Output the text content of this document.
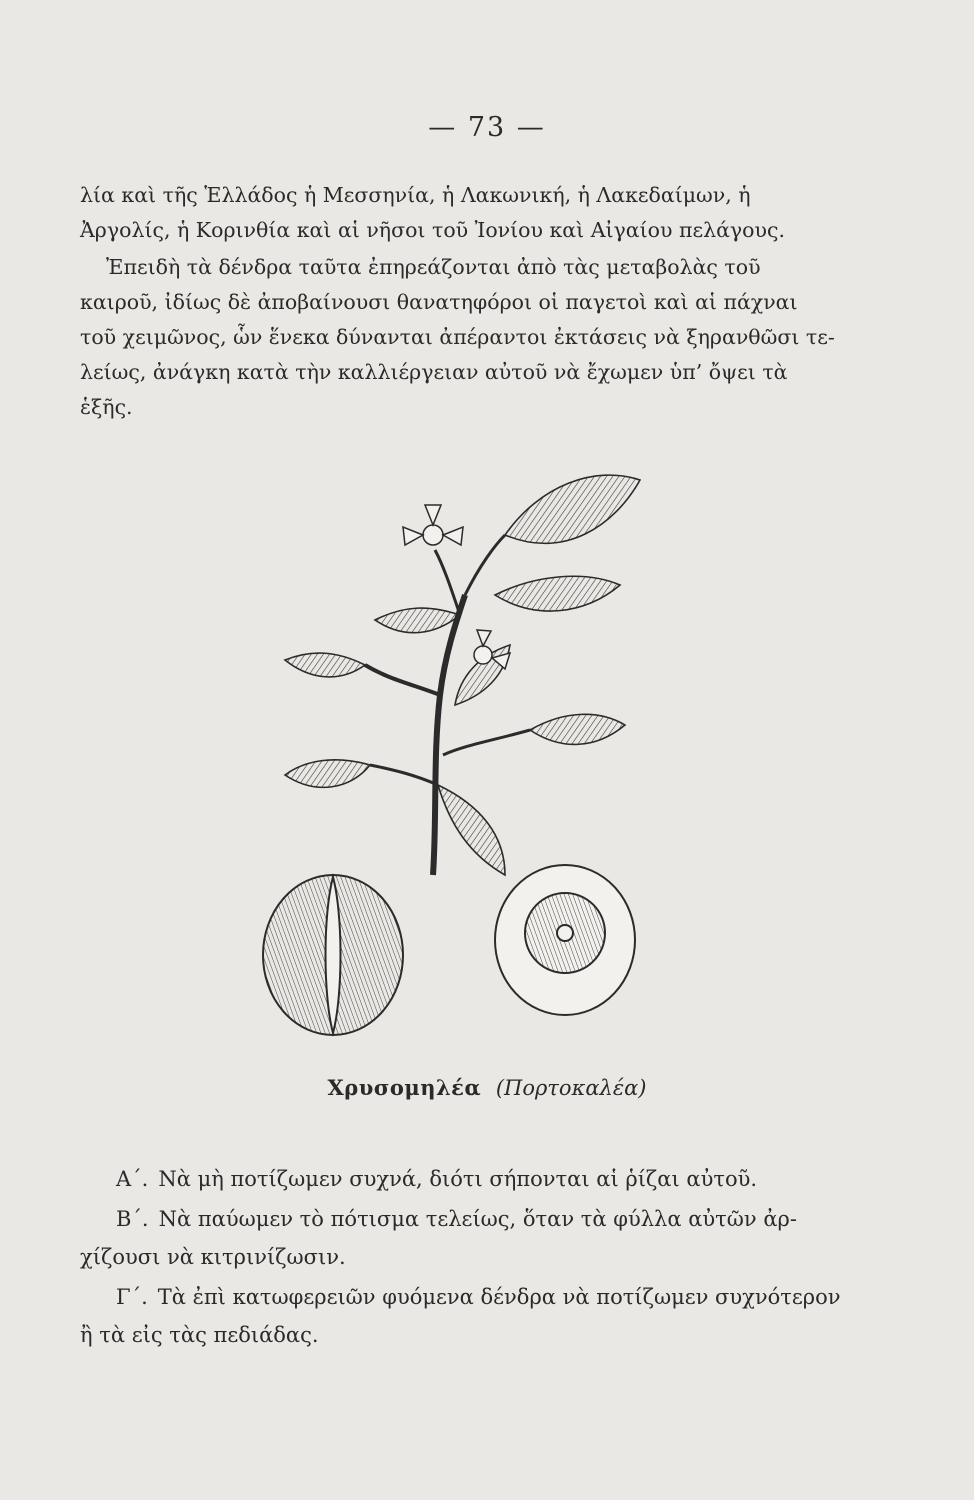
— 73 —
λία καὶ τῆς Ἑλλάδος ἡ Μεσσηνία, ἡ Λακωνική, ἡ Λακεδαίμων, ἡ
Ἀργολίς, ἡ Κορινθία καὶ αἱ νῆσοι τοῦ Ἰονίου καὶ Αἰγαίου πελάγους.
Ἐπειδὴ τὰ δένδρα ταῦτα ἐπηρεάζονται ἀπὸ τὰς μεταβολὰς τοῦ
καιροῦ, ἰδίως δὲ ἀποβαίνουσι θανατηφόροι οἱ παγετοὶ καὶ αἱ πάχναι
τοῦ χειμῶνος, ὧν ἕνεκα δύνανται ἀπέραντοι ἐκτάσεις νὰ ξηρανθῶσι τε-
λείως, ἀνάγκη κατὰ τὴν καλλιέργειαν αὐτοῦ νὰ ἔχωμεν ὑπ’ ὄψει τὰ
ἑξῆς.
Χρυσομηλέα (Πορτοκαλέα)
Α΄. Νὰ μὴ ποτίζωμεν συχνά, διότι σήπονται αἱ ῥίζαι αὐτοῦ.
Β΄. Νὰ παύωμεν τὸ πότισμα τελείως, ὅταν τὰ φύλλα αὐτῶν ἀρ-
χίζουσι νὰ κιτρινίζωσιν.
Γ΄. Τὰ ἐπὶ κατωφερειῶν φυόμενα δένδρα νὰ ποτίζωμεν συχνότερον
ἢ τὰ εἰς τὰς πεδιάδας.
